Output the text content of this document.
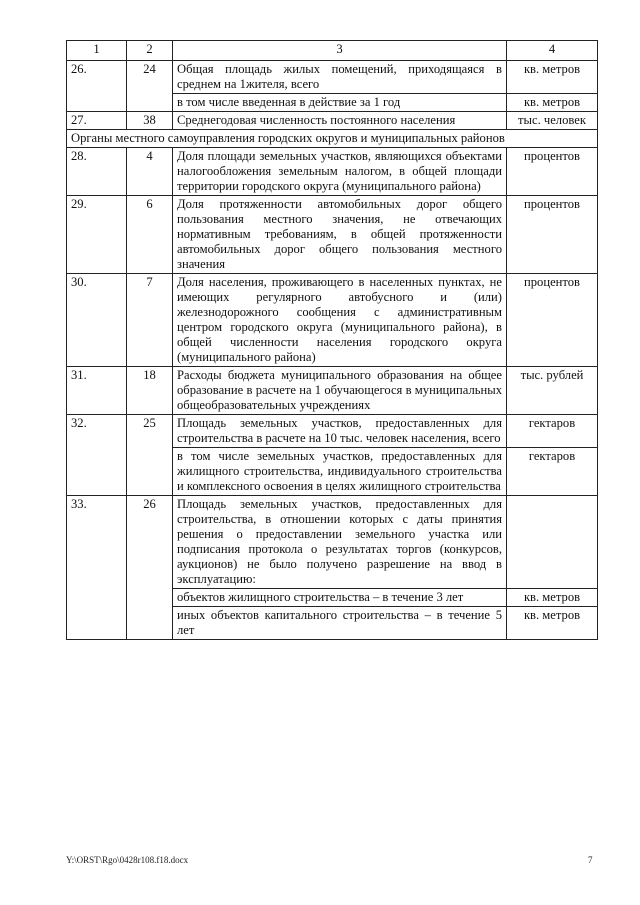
1	2	3	4
26.	24	Общая площадь жилых помещений, приходящаяся в среднем на 1жителя, всего	кв. метров
		в том числе введенная в действие за 1 год	кв. метров
27.	38	Среднегодовая численность постоянного населения	тыс. человек
Органы местного самоуправления городских округов и муниципальных районов			
28.	4	Доля площади земельных участков, являющихся объектами налогообложения земельным налогом, в общей площади территории городского округа (муниципального района)	процентов
29.	6	Доля протяженности автомобильных дорог общего пользования местного значения, не отвечающих нормативным требованиям, в общей протяженности автомобильных дорог общего пользования местного значения	процентов
30.	7	Доля населения, проживающего в населенных пунктах, не имеющих регулярного автобусного и (или) железнодорожного сообщения с административным центром городского округа (муниципального района), в общей численности населения городского округа (муниципального района)	процентов
31.	18	Расходы бюджета муниципального образования на общее образование в расчете на 1 обучающегося в муниципальных общеобразовательных учреждениях	тыс. рублей
32.	25	Площадь земельных участков, предоставленных для строительства в расчете на 10 тыс. человек населения, всего	гектаров
		в том числе земельных участков, предоставленных для жилищного строительства, индивидуального строительства и комплексного освоения в целях жилищного строительства	гектаров
33.	26	Площадь земельных участков, предоставленных для строительства, в отношении которых с даты принятия решения о предоставлении земельного участка или подписания протокола о результатах торгов (конкурсов, аукционов) не было получено разрешение на ввод в эксплуатацию:	
		объектов жилищного строительства – в течение 3 лет	кв. метров
		иных объектов капитального строительства – в течение 5 лет	кв. метров
Y:\ORST\Rgo\0428r108.f18.docx	7
